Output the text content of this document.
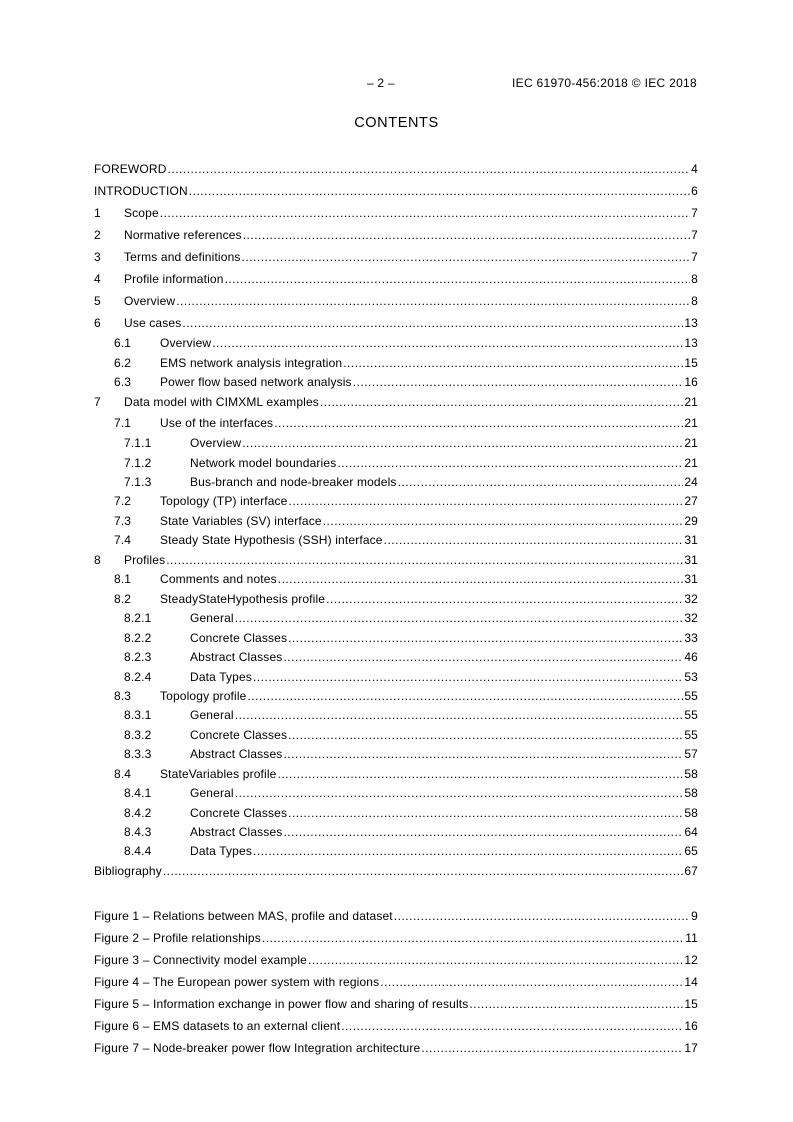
– 2 –	IEC 61970-456:2018 © IEC 2018
CONTENTS
FOREWORD .....	4
INTRODUCTION .....	6
1	Scope .....	7
2	Normative references .....	7
3	Terms and definitions .....	7
4	Profile information .....	8
5	Overview .....	8
6	Use cases .....	13
6.1	Overview .....	13
6.2	EMS network analysis integration .....	15
6.3	Power flow based network analysis .....	16
7	Data model with CIMXML examples .....	21
7.1	Use of the interfaces .....	21
7.1.1	Overview .....	21
7.1.2	Network model boundaries .....	21
7.1.3	Bus-branch and node-breaker models .....	24
7.2	Topology (TP) interface .....	27
7.3	State Variables (SV) interface .....	29
7.4	Steady State Hypothesis (SSH) interface .....	31
8	Profiles .....	31
8.1	Comments and notes .....	31
8.2	SteadyStateHypothesis profile .....	32
8.2.1	General .....	32
8.2.2	Concrete Classes .....	33
8.2.3	Abstract Classes .....	46
8.2.4	Data Types .....	53
8.3	Topology profile .....	55
8.3.1	General .....	55
8.3.2	Concrete Classes .....	55
8.3.3	Abstract Classes .....	57
8.4	StateVariables profile .....	58
8.4.1	General .....	58
8.4.2	Concrete Classes .....	58
8.4.3	Abstract Classes .....	64
8.4.4	Data Types .....	65
Bibliography .....	67
Figure 1 – Relations between MAS, profile and dataset .....	9
Figure 2 – Profile relationships .....	11
Figure 3 – Connectivity model example .....	12
Figure 4 – The European power system with regions .....	14
Figure 5 – Information exchange in power flow and sharing of results .....	15
Figure 6 – EMS datasets to an external client .....	16
Figure 7 – Node-breaker power flow Integration architecture .....	17
